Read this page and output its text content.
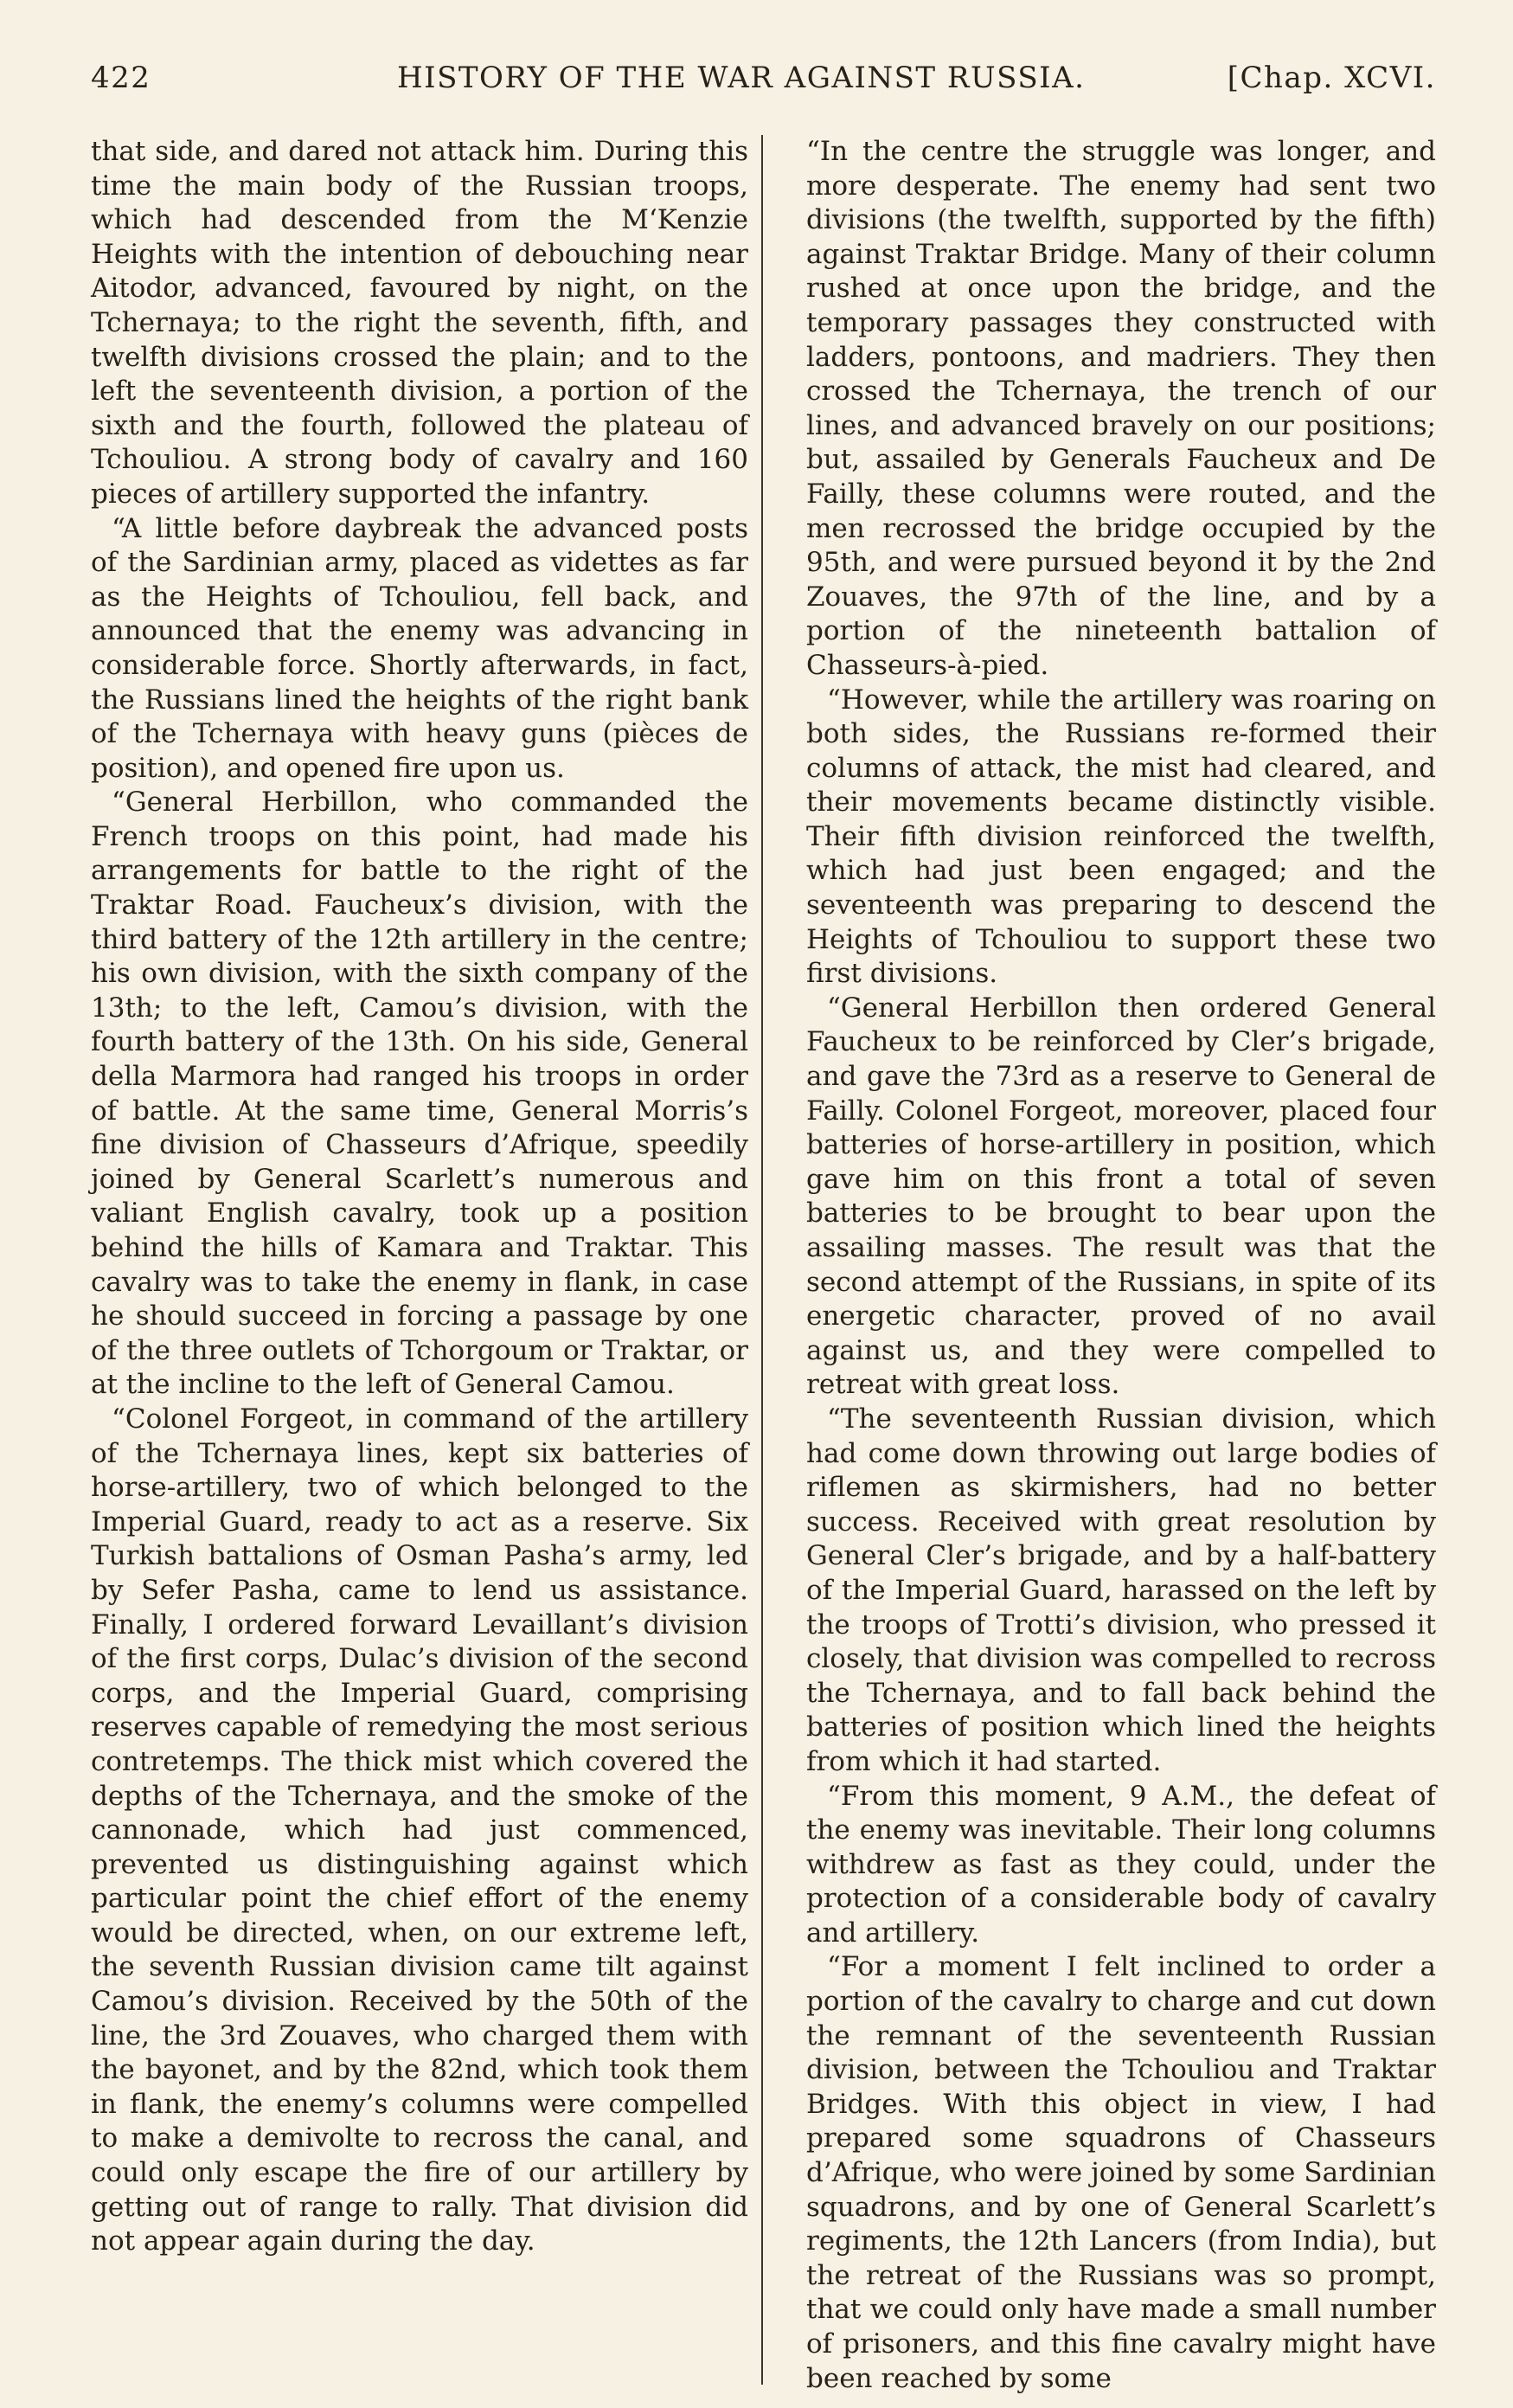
422	HISTORY OF THE WAR AGAINST RUSSIA.	[Chap. XCVI.

that side, and dared not attack him. During this time the main body of the Russian troops, which had descended from the M‘Kenzie Heights with the intention of debouching near Aitodor, advanced, favoured by night, on the Tchernaya; to the right the seventh, fifth, and twelfth divisions crossed the plain; and to the left the seventeenth division, a portion of the sixth and the fourth, followed the plateau of Tchouliou. A strong body of cavalry and 160 pieces of artillery supported the infantry.

“A little before daybreak the advanced posts of the Sardinian army, placed as videttes as far as the Heights of Tchouliou, fell back, and announced that the enemy was advancing in considerable force. Shortly afterwards, in fact, the Russians lined the heights of the right bank of the Tchernaya with heavy guns (pièces de position), and opened fire upon us.

“General Herbillon, who commanded the French troops on this point, had made his arrangements for battle to the right of the Traktar Road. Faucheux’s division, with the third battery of the 12th artillery in the centre; his own division, with the sixth company of the 13th; to the left, Camou’s division, with the fourth battery of the 13th. On his side, General della Marmora had ranged his troops in order of battle. At the same time, General Morris’s fine division of Chasseurs d’Afrique, speedily joined by General Scarlett’s numerous and valiant English cavalry, took up a position behind the hills of Kamara and Traktar. This cavalry was to take the enemy in flank, in case he should succeed in forcing a passage by one of the three outlets of Tchorgoum or Traktar, or at the incline to the left of General Camou.

“Colonel Forgeot, in command of the artillery of the Tchernaya lines, kept six batteries of horse-artillery, two of which belonged to the Imperial Guard, ready to act as a reserve. Six Turkish battalions of Osman Pasha’s army, led by Sefer Pasha, came to lend us assistance. Finally, I ordered forward Levaillant’s division of the first corps, Dulac’s division of the second corps, and the Imperial Guard, comprising reserves capable of remedying the most serious contretemps. The thick mist which covered the depths of the Tchernaya, and the smoke of the cannonade, which had just commenced, prevented us distinguishing against which particular point the chief effort of the enemy would be directed, when, on our extreme left, the seventh Russian division came tilt against Camou’s division. Received by the 50th of the line, the 3rd Zouaves, who charged them with the bayonet, and by the 82nd, which took them in flank, the enemy’s columns were compelled to make a demivolte to recross the canal, and could only escape the fire of our artillery by getting out of range to rally. That division did not appear again during the day.

“In the centre the struggle was longer, and more desperate. The enemy had sent two divisions (the twelfth, supported by the fifth) against Traktar Bridge. Many of their column rushed at once upon the bridge, and the temporary passages they constructed with ladders, pontoons, and madriers. They then crossed the Tchernaya, the trench of our lines, and advanced bravely on our positions; but, assailed by Generals Faucheux and De Failly, these columns were routed, and the men recrossed the bridge occupied by the 95th, and were pursued beyond it by the 2nd Zouaves, the 97th of the line, and by a portion of the nineteenth battalion of Chasseurs-à-pied.

“However, while the artillery was roaring on both sides, the Russians re-formed their columns of attack, the mist had cleared, and their movements became distinctly visible. Their fifth division reinforced the twelfth, which had just been engaged; and the seventeenth was preparing to descend the Heights of Tchouliou to support these two first divisions.

“General Herbillon then ordered General Faucheux to be reinforced by Cler’s brigade, and gave the 73rd as a reserve to General de Failly. Colonel Forgeot, moreover, placed four batteries of horse-artillery in position, which gave him on this front a total of seven batteries to be brought to bear upon the assailing masses. The result was that the second attempt of the Russians, in spite of its energetic character, proved of no avail against us, and they were compelled to retreat with great loss.

“The seventeenth Russian division, which had come down throwing out large bodies of riflemen as skirmishers, had no better success. Received with great resolution by General Cler’s brigade, and by a half-battery of the Imperial Guard, harassed on the left by the troops of Trotti’s division, who pressed it closely, that division was compelled to recross the Tchernaya, and to fall back behind the batteries of position which lined the heights from which it had started.

“From this moment, 9 A.M., the defeat of the enemy was inevitable. Their long columns withdrew as fast as they could, under the protection of a considerable body of cavalry and artillery.

“For a moment I felt inclined to order a portion of the cavalry to charge and cut down the remnant of the seventeenth Russian division, between the Tchouliou and Traktar Bridges. With this object in view, I had prepared some squadrons of Chasseurs d’Afrique, who were joined by some Sardinian squadrons, and by one of General Scarlett’s regiments, the 12th Lancers (from India), but the retreat of the Russians was so prompt, that we could only have made a small number of prisoners, and this fine cavalry might have been reached by some
